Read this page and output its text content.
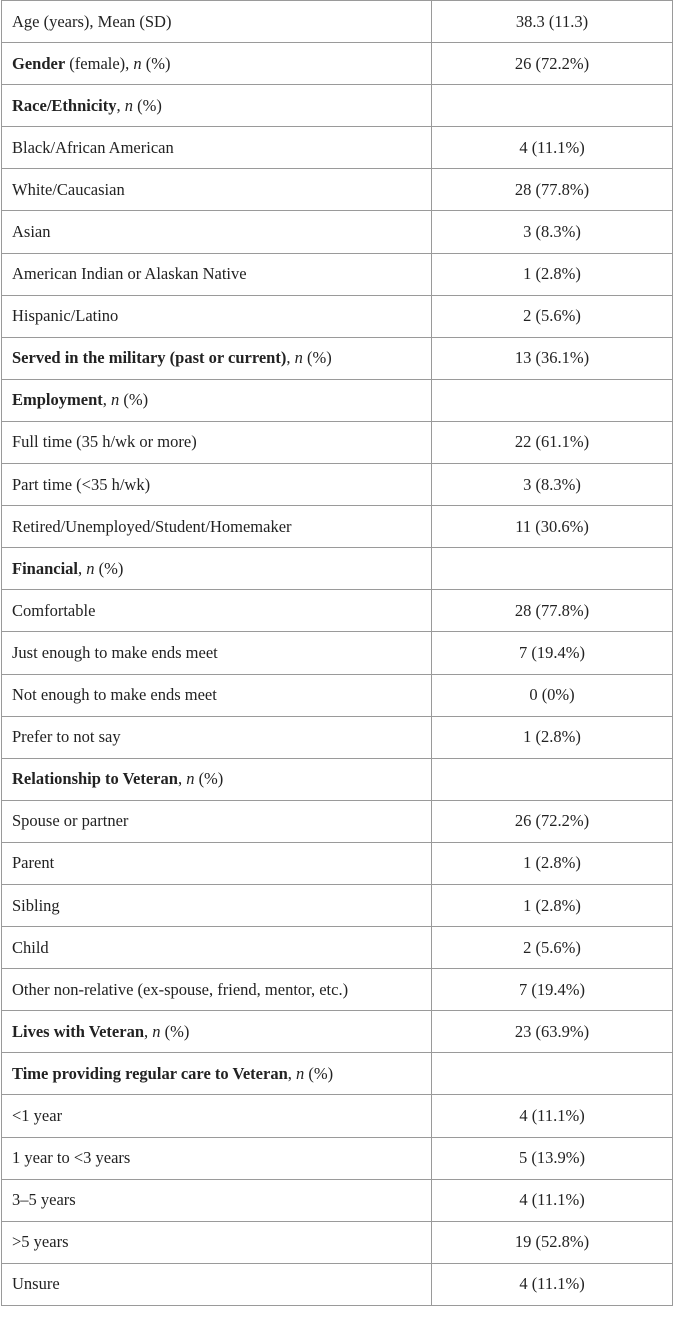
Age (years), Mean (SD)	38.3 (11.3)
Gender (female), n (%)	26 (72.2%)
Race/Ethnicity, n (%)	
Black/African American	4 (11.1%)
White/Caucasian	28 (77.8%)
Asian	3 (8.3%)
American Indian or Alaskan Native	1 (2.8%)
Hispanic/Latino	2 (5.6%)
Served in the military (past or current), n (%)	13 (36.1%)
Employment, n (%)	
Full time (35 h/wk or more)	22 (61.1%)
Part time (<35 h/wk)	3 (8.3%)
Retired/Unemployed/Student/Homemaker	11 (30.6%)
Financial, n (%)	
Comfortable	28 (77.8%)
Just enough to make ends meet	7 (19.4%)
Not enough to make ends meet	0 (0%)
Prefer to not say	1 (2.8%)
Relationship to Veteran, n (%)	
Spouse or partner	26 (72.2%)
Parent	1 (2.8%)
Sibling	1 (2.8%)
Child	2 (5.6%)
Other non-relative (ex-spouse, friend, mentor, etc.)	7 (19.4%)
Lives with Veteran, n (%)	23 (63.9%)
Time providing regular care to Veteran, n (%)	
<1 year	4 (11.1%)
1 year to <3 years	5 (13.9%)
3–5 years	4 (11.1%)
>5 years	19 (52.8%)
Unsure	4 (11.1%)
